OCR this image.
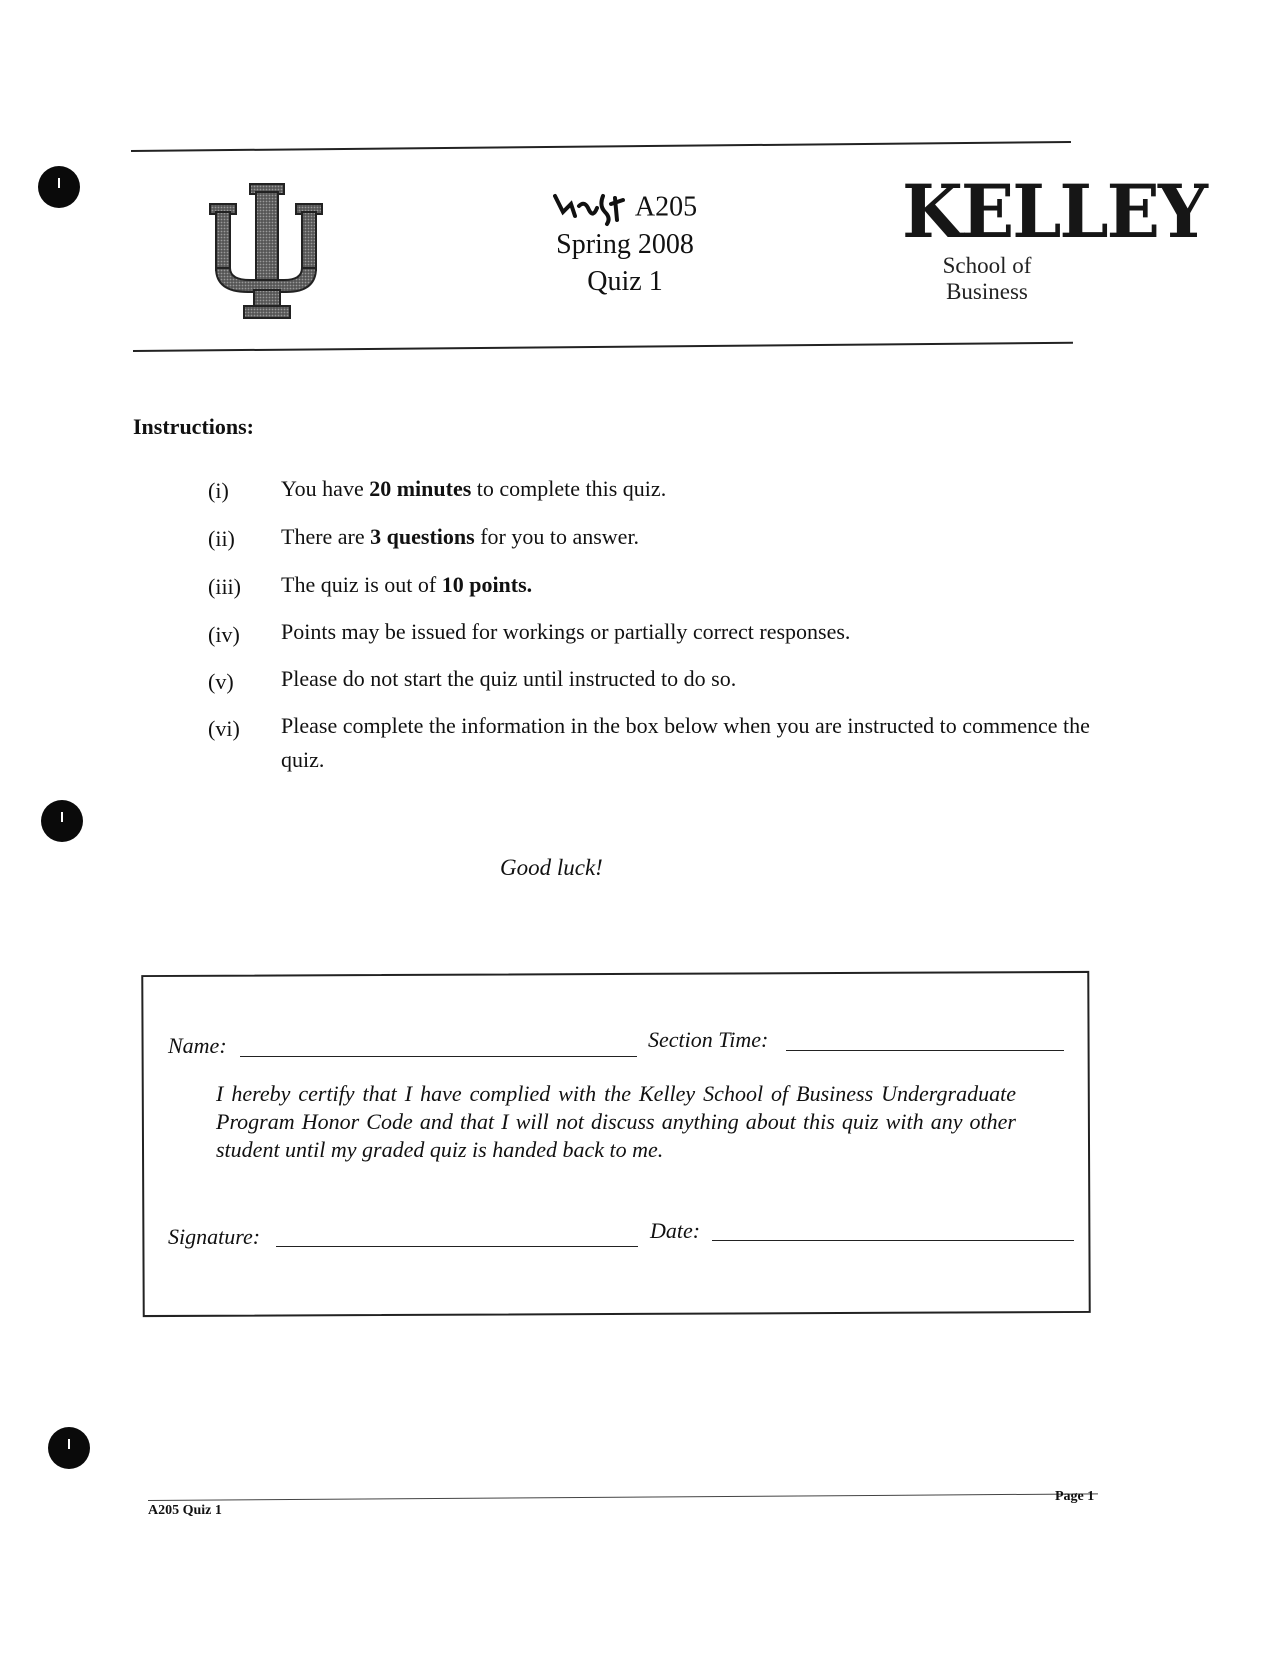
A205
Spring 2008
Quiz 1
KELLEY
School of Business
Instructions:
(i) You have 20 minutes to complete this quiz.
(ii) There are 3 questions for you to answer.
(iii) The quiz is out of 10 points.
(iv) Points may be issued for workings or partially correct responses.
(v) Please do not start the quiz until instructed to do so.
(vi) Please complete the information in the box below when you are instructed to commence the quiz.
Good luck!
Name:	Section Time:
I hereby certify that I have complied with the Kelley School of Business Undergraduate Program Honor Code and that I will not discuss anything about this quiz with any other student until my graded quiz is handed back to me.
Signature:	Date:
A205 Quiz 1
Page 1
